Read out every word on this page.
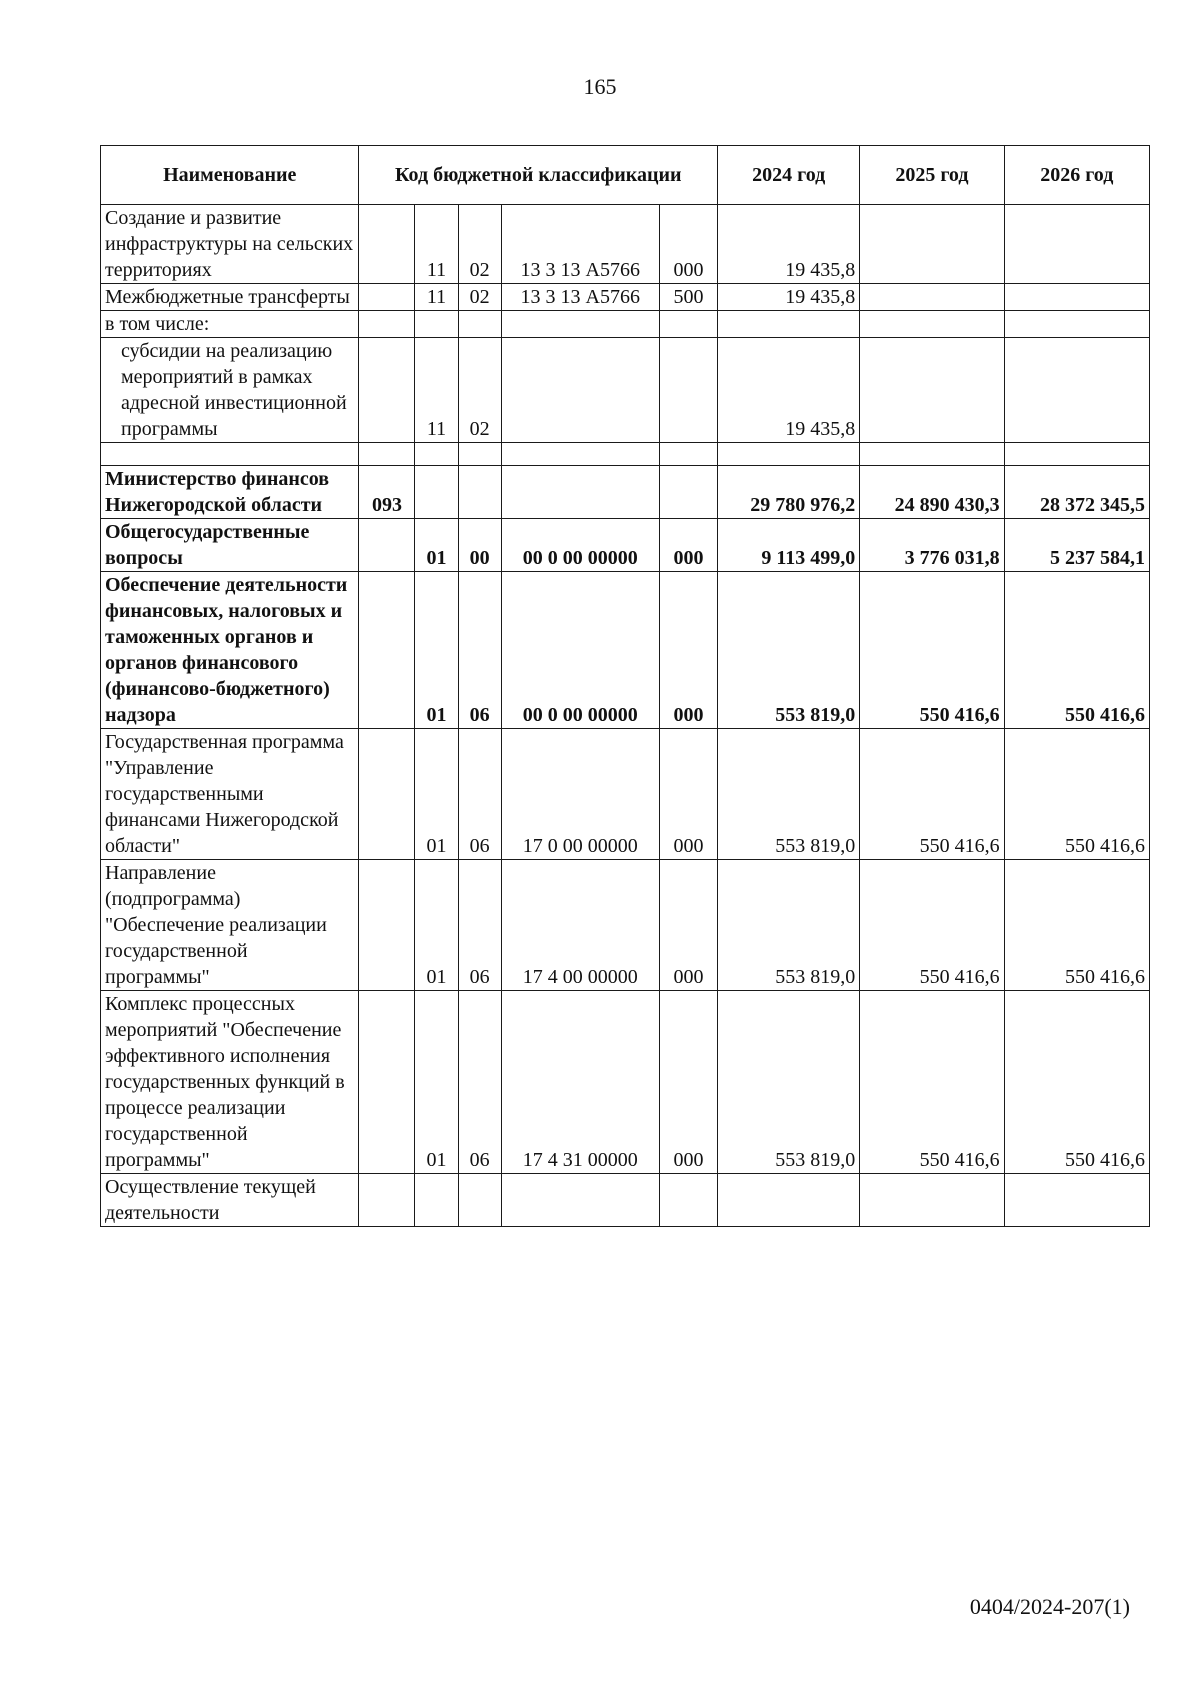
165
Наименование	Код бюджетной классификации					2024 год	2025 год	2026 год
Создание и развитие инфраструктуры на сельских территориях		11	02	13 3 13 А5766	000	19 435,8		
Межбюджетные трансферты		11	02	13 3 13 А5766	500	19 435,8		
в том числе:								
субсидии на реализацию мероприятий в рамках адресной инвестиционной программы		11	02			19 435,8		

Министерство финансов Нижегородской области	093					29 780 976,2	24 890 430,3	28 372 345,5
Общегосударственные вопросы		01	00	00 0 00 00000	000	9 113 499,0	3 776 031,8	5 237 584,1
Обеспечение деятельности финансовых, налоговых и таможенных органов и органов финансового (финансово-бюджетного) надзора		01	06	00 0 00 00000	000	553 819,0	550 416,6	550 416,6
Государственная программа "Управление государственными финансами Нижегородской области"		01	06	17 0 00 00000	000	553 819,0	550 416,6	550 416,6
Направление (подпрограмма) "Обеспечение реализации государственной программы"		01	06	17 4 00 00000	000	553 819,0	550 416,6	550 416,6
Комплекс процессных мероприятий "Обеспечение эффективного исполнения государственных функций в процессе реализации государственной программы"		01	06	17 4 31 00000	000	553 819,0	550 416,6	550 416,6
Осуществление текущей деятельности								
0404/2024-207(1)
